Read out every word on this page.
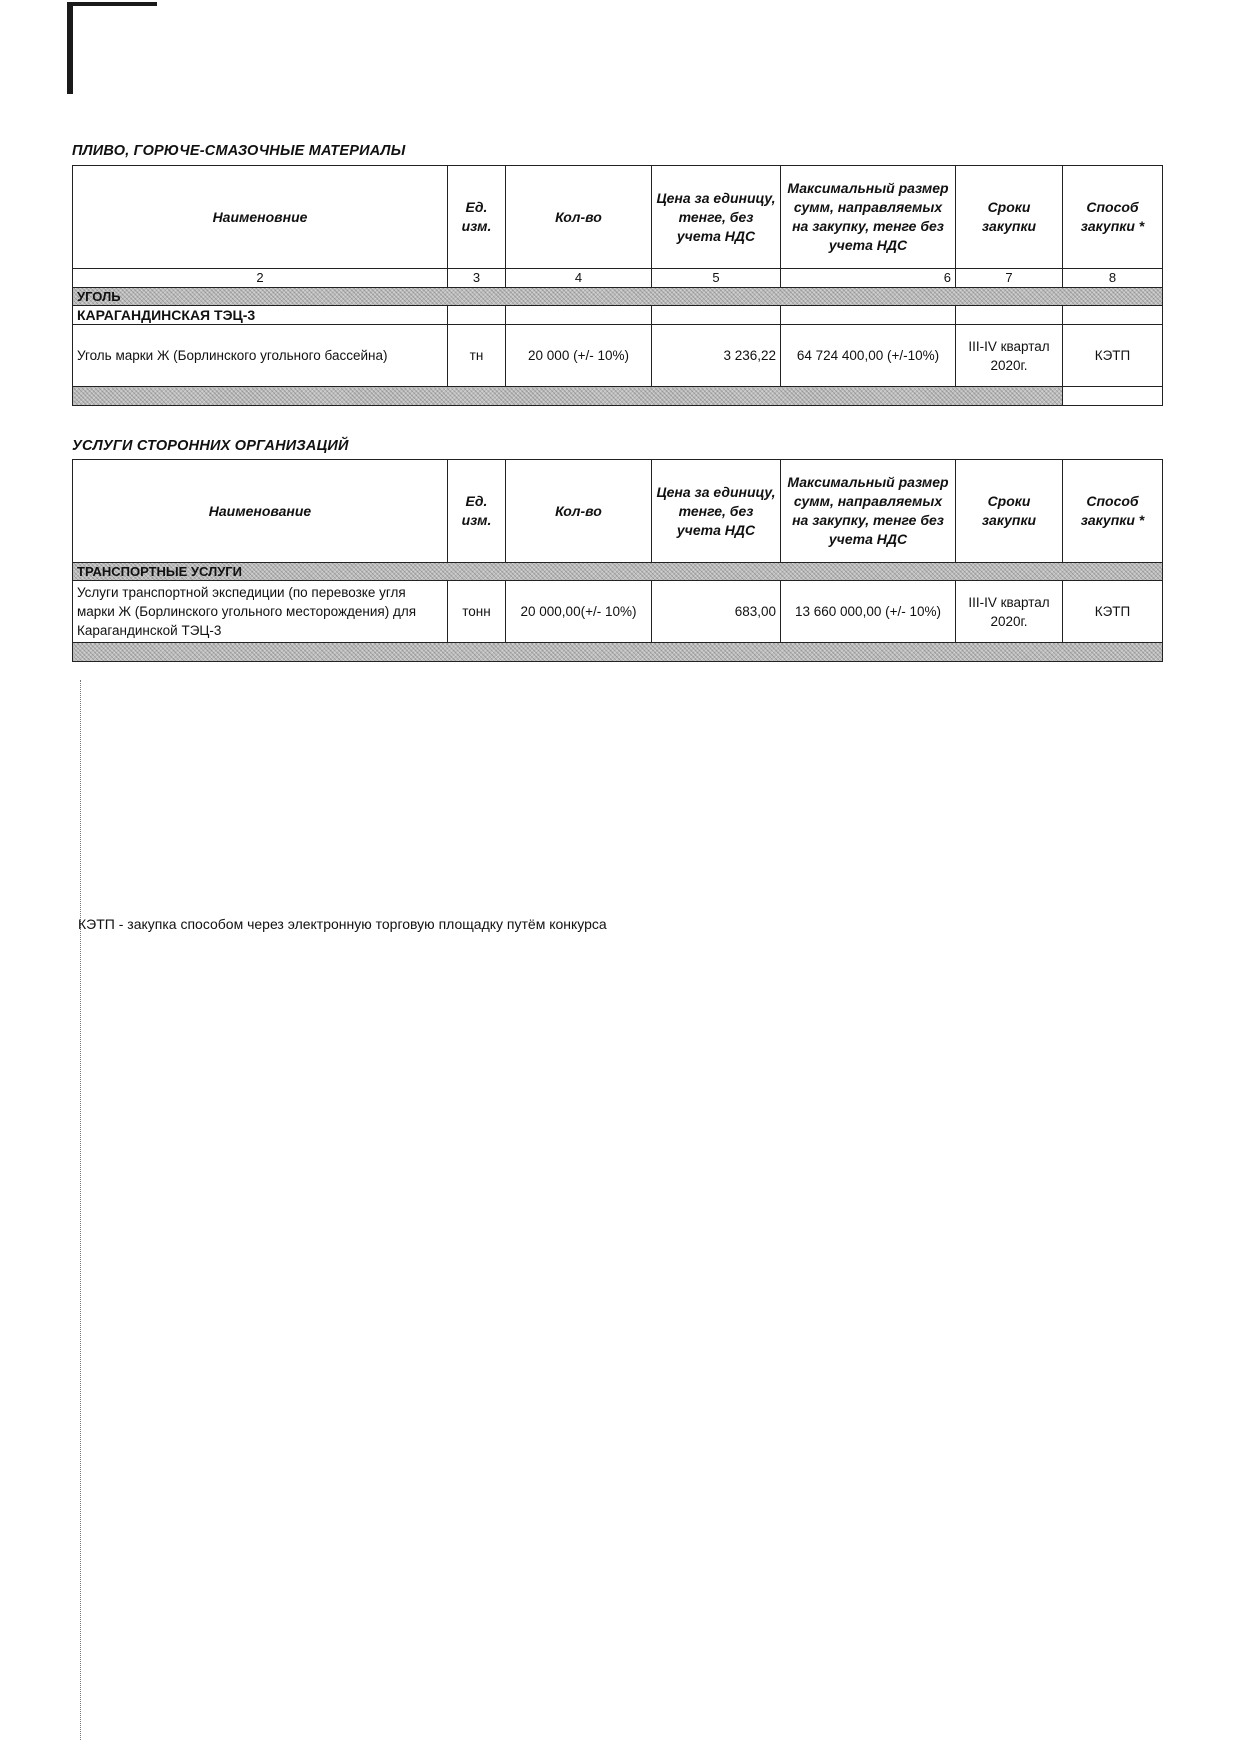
ПЛИВО, ГОРЮЧЕ-СМАЗОЧНЫЕ МАТЕРИАЛЫ
Наименовние	Ед. изм.	Кол-во	Цена за единицу, тенге, без учета НДС	Максимальный размер сумм, направляемых на закупку, тенге без учета НДС	Сроки закупки	Способ закупки *
2	3	4	5	6	7	8
УГОЛЬ						
КАРАГАНДИНСКАЯ ТЭЦ-3						
Уголь марки Ж (Борлинского угольного бассейна)	тн	20 000 (+/- 10%)	3 236,22	64 724 400,00 (+/-10%)	III-IV квартал 2020г.	КЭТП

УСЛУГИ СТОРОННИХ ОРГАНИЗАЦИЙ
Наименование	Ед. изм.	Кол-во	Цена за единицу, тенге, без учета НДС	Максимальный размер сумм, направляемых на закупку, тенге без учета НДС	Сроки закупки	Способ закупки *
ТРАНСПОРТНЫЕ УСЛУГИ						
Услуги транспортной экспедиции (по перевозке угля марки Ж (Борлинского угольного месторождения) для Карагандинской ТЭЦ-3	тонн	20 000,00(+/- 10%)	683,00	13 660 000,00 (+/- 10%)	III-IV квартал 2020г.	КЭТП

КЭТП - закупка способом через электронную торговую площадку путём конкурса
